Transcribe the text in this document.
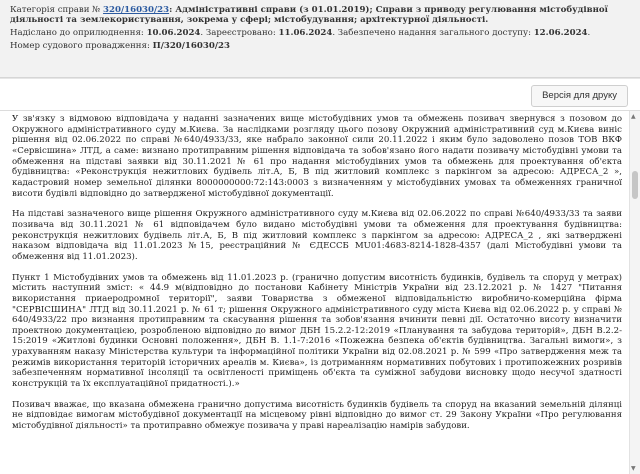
Категорія справи № 320/16030/23: Адміністративні справи (з 01.01.2019); Справи з приводу регулювання містобудівної діяльності та землекористування, зокрема у сфері; містобудування; архітектурної діяльності.
Надіслано до оприлюднення: 10.06.2024. Зареєстровано: 11.06.2024. Забезпечено надання загального доступу: 12.06.2024.
Номер судового провадження: П/320/16030/23
Версія для друку

У зв'язку з відмовою відповідача у наданні зазначених вище містобудівних умов та обмежень позивач звернувся з позовом до Окружного адміністративного суду м.Києва. За наслідками розгляду цього позову Окружний адміністративний суд м.Києва виніс рішення від 02.06.2022 по справі №640/4933/33, яке набрало законної сили 20.11.2022 і яким було задоволено позов ТОВ ВКФ «Сервісшина» ЛТД, а саме: визнано протиправним рішення відповідача та зобов'язано його надати позивачу містобудівні умови та обмеження на підставі заявки від 30.11.2021 № 61 про надання містобудівних умов та обмежень для проектування об'єкта будівництва: «Реконструкція нежитлових будівель літ.А, Б, В під житловий комплекс з паркінгом за адресою: АДРЕСА_2 », кадастровий номер земельної ділянки 8000000000:72:143:0003 з визначенням у містобудівних умовах та обмеженнях граничної висоти будівлі відповідно до затвердженої містобудівної документації.

На підставі зазначеного вище рішення Окружного адміністративного суду м.Києва від 02.06.2022 по справі №640/4933/33 та заяви позивача від 30.11.2021 № 61 відповідачем було видано містобудівні умови та обмеження для проектування будівництва: реконструкція нежитлових будівель літ.А, Б, В під житловий комплекс з паркінгом за адресою: АДРЕСА_2 , які затверджені наказом відповідача від 11.01.2023 №15, реєстраційний № ЄДЕССБ MU01:4683-8214-1828-4357 (далі Містобудівні умови та обмеження від 11.01.2023).

Пункт 1 Містобудівних умов та обмежень від 11.01.2023 р. (гранично допустим висотність будинків, будівель та споруд у метрах) містить наступний зміст: « 44.9 м(відповідно до постанови Кабінету Міністрів України від 23.12.2021 р. № 1427 "Питання використання приаеродромної території", заяви Товариства з обмеженої відповідальністю виробничо-комерційна фірма "СЕРВІСШИНА" ЛТД від 30.11.2021 р. № 61 т; рішення Окружного адміністративного суду міста Києва від 02.06.2022 р. у справі № 640/4933/22 про визнання протиправним та скасування рішення та зобов'язання вчинити певні дії. Остаточно висоту визначити проектною документацією, розробленою відповідно до вимог ДБН 15.2.2-12:2019 «Планування та забудова територій», ДБН В.2.2-15:2019 «Житлові будинки Основні положення», ДБН В. 1.1-7:2016 «Пожежна безпека об'єктів будівництва. Загальні вимоги», з урахуванням наказу Міністерства культури та інформаційної політики України від 02.08.2021 р. № 599 «Про затвердження меж та режимів використання територій історичних ареалів м. Києва», із дотриманням нормативних побутових і протипожежних розривів забезпеченням нормативної інсоляції та освітленості приміщень об'єкта та суміжної забудови висновку щодо несучої здатності конструкцій та їх експлуатаційної придатності.).»

Позивач вважає, що вказана обмежена гранично допустима висотність будинків будівель та споруд на вказаний земельній ділянці не відповідає вимогам містобудівної документації на місцевому рівні відповідно до вимог ст. 29 Закону України «Про регулювання містобудівної діяльності» та протиправно обмежує позивача у праві нареалізацію намірів забудови.

▲
▼
